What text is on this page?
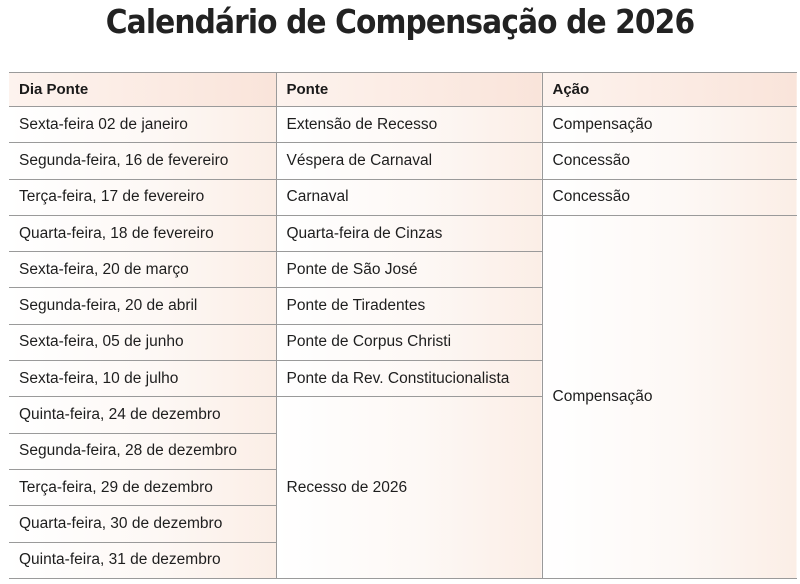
Calendário de Compensação de 2026
Dia Ponte	Ponte	Ação
Sexta-feira 02 de janeiro	Extensão de Recesso	Compensação
Segunda-feira, 16 de fevereiro	Véspera de Carnaval	Concessão
Terça-feira, 17 de fevereiro	Carnaval	Concessão
Quarta-feira, 18 de fevereiro	Quarta-feira de Cinzas	Compensação
Sexta-feira, 20 de março	Ponte de São José	
Segunda-feira, 20 de abril	Ponte de Tiradentes	
Sexta-feira, 05 de junho	Ponte de Corpus Christi	
Sexta-feira, 10 de julho	Ponte da Rev. Constitucionalista	
Quinta-feira, 24 de dezembro	Recesso de 2026	
Segunda-feira, 28 de dezembro		
Terça-feira, 29 de dezembro		
Quarta-feira, 30 de dezembro		
Quinta-feira, 31 de dezembro		
